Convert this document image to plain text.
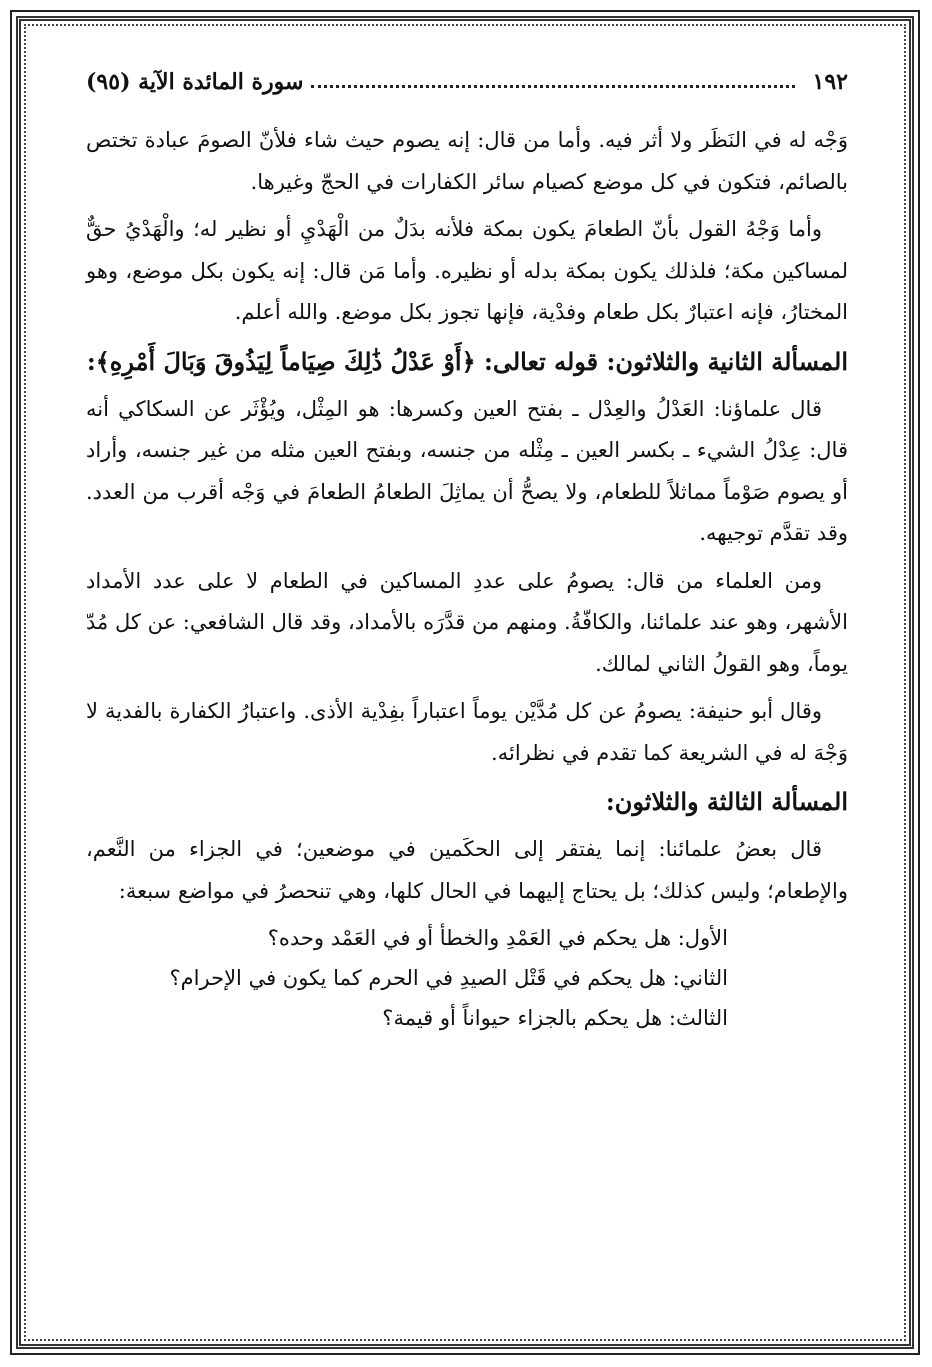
١٩٢
سورة المائدة الآية (٩٥)

وَجْه له في النَظَر ولا أثر فيه. وأما من قال: إنه يصوم حيث شاء فلأنّ الصومَ عبادة تختص بالصائم، فتكون في كل موضع كصيام سائر الكفارات في الحجّ وغيرها.

وأما وَجْهُ القول بأنّ الطعامَ يكون بمكة فلأنه بدَلٌ من الْهَدْيِ أو نظير له؛ والْهَدْيُ حقٌّ لمساكين مكة؛ فلذلك يكون بمكة بدله أو نظيره. وأما مَن قال: إنه يكون بكل موضع، وهو المختارُ، فإنه اعتبارٌ بكل طعام وفدْية، فإنها تجوز بكل موضع. والله أعلم.

المسألة الثانية والثلاثون: قوله تعالى: ﴿أَوْ عَدْلُ ذَٰلِكَ صِيَاماً لِيَذُوقَ وَبَالَ أَمْرِهِ﴾:

قال علماؤنا: العَدْلُ والعِدْل ـ بفتح العين وكسرها: هو المِثْل، ويُؤْثَر عن السكاكي أنه قال: عِدْلُ الشيء ـ بكسر العين ـ مِثْله من جنسه، وبفتح العين مثله من غير جنسه، وأراد أو يصوم صَوْماً مماثلاً للطعام، ولا يصحُّ أن يماثِلَ الطعامُ الطعامَ في وَجْه أقرب من العدد. وقد تقدَّم توجيهه.

ومن العلماء من قال: يصومُ على عددِ المساكين في الطعام لا على عدد الأمداد الأشهر، وهو عند علمائنا، والكافّةُ. ومنهم من قدَّرَه بالأمداد، وقد قال الشافعي: عن كل مُدّ يوماً، وهو القولُ الثاني لمالك.

وقال أبو حنيفة: يصومُ عن كل مُدَّيْن يوماً اعتباراً بفِدْية الأذى. واعتبارُ الكفارة بالفدية لا وَجْهَ له في الشريعة كما تقدم في نظرائه.

المسألة الثالثة والثلاثون:

قال بعضُ علمائنا: إنما يفتقر إلى الحكَمين في موضعين؛ في الجزاء من النَّعم، والإطعام؛ وليس كذلك؛ بل يحتاج إليهما في الحال كلها، وهي تنحصرُ في مواضع سبعة:

الأول: هل يحكم في العَمْدِ والخطأ أو في العَمْد وحده؟

الثاني: هل يحكم في قَتْل الصيدِ في الحرم كما يكون في الإحرام؟

الثالث: هل يحكم بالجزاء حيواناً أو قيمة؟
